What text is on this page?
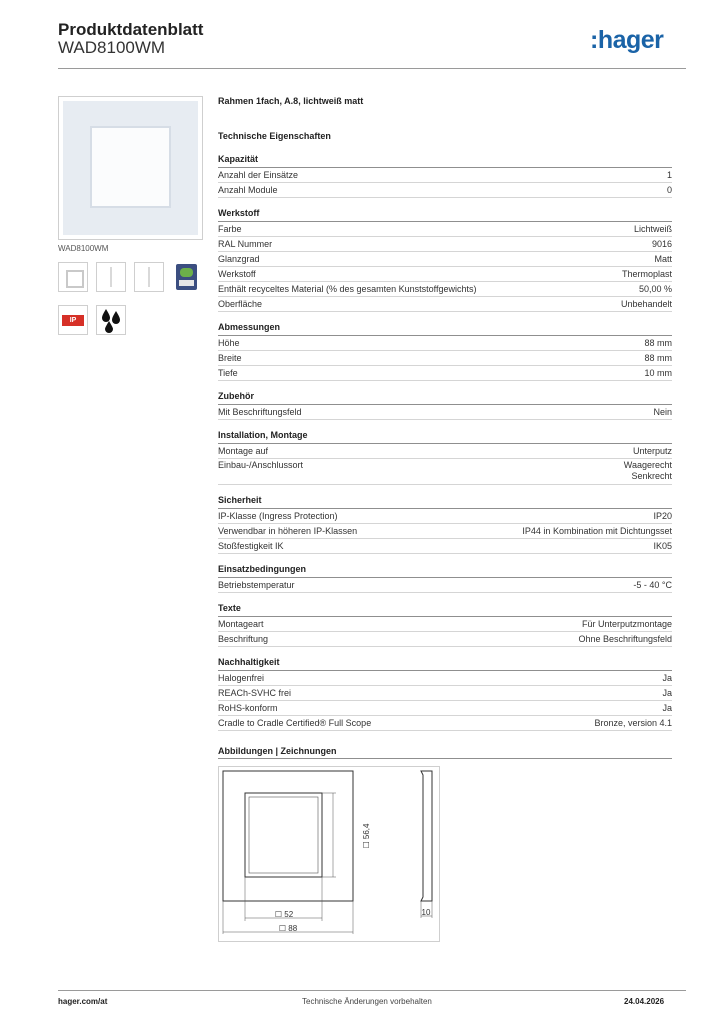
Produktdatenblatt
WAD8100WM	:hager
WAD8100WM
IP
Rahmen 1fach, A.8, lichtweiß matt
Technische Eigenschaften
Kapazität
Anzahl der Einsätze	1
Anzahl Module	0
Werkstoff
Farbe	Lichtweiß
RAL Nummer	9016
Glanzgrad	Matt
Werkstoff	Thermoplast
Enthält recyceltes Material (% des gesamten Kunststoffgewichts)	50,00 %
Oberfläche	Unbehandelt
Abmessungen
Höhe	88 mm
Breite	88 mm
Tiefe	10 mm
Zubehör
Mit Beschriftungsfeld	Nein
Installation, Montage
Montage auf	Unterputz
Einbau-/Anschlussort	Waagerecht
Senkrecht
Sicherheit
IP-Klasse (Ingress Protection)	IP20
Verwendbar in höheren IP-Klassen	IP44 in Kombination mit Dichtungsset
Stoßfestigkeit IK	IK05
Einsatzbedingungen
Betriebstemperatur	-5 - 40 °C
Texte
Montageart	Für Unterputzmontage
Beschriftung	Ohne Beschriftungsfeld
Nachhaltigkeit
Halogenfrei	Ja
REACh-SVHC frei	Ja
RoHS-konform	Ja
Cradle to Cradle Certified® Full Scope	Bronze, version 4.1
Abbildungen | Zeichnungen
☐ 56,4
☐ 52
☐ 88
10
hager.com/at	Technische Änderungen vorbehalten	24.04.2026
